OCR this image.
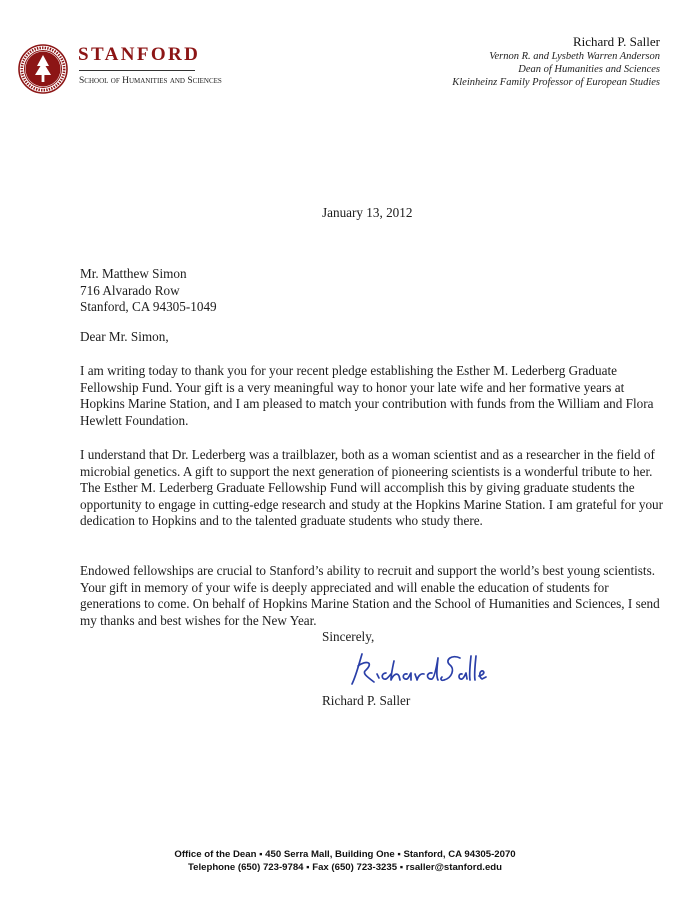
STANFORD
School of Humanities and Sciences
Richard P. Saller
Vernon R. and Lysbeth Warren Anderson
Dean of Humanities and Sciences
Kleinheinz Family Professor of European Studies
January 13, 2012
Mr. Matthew Simon
716 Alvarado Row
Stanford, CA 94305-1049
Dear Mr. Simon,

I am writing today to thank you for your recent pledge establishing the Esther M. Lederberg Graduate Fellowship Fund. Your gift is a very meaningful way to honor your late wife and her formative years at Hopkins Marine Station, and I am pleased to match your contribution with funds from the William and Flora Hewlett Foundation.

I understand that Dr. Lederberg was a trailblazer, both as a woman scientist and as a researcher in the field of microbial genetics. A gift to support the next generation of pioneering scientists is a wonderful tribute to her. The Esther M. Lederberg Graduate Fellowship Fund will accomplish this by giving graduate students the opportunity to engage in cutting-edge research and study at the Hopkins Marine Station. I am grateful for your dedication to Hopkins and to the talented graduate students who study there.

Endowed fellowships are crucial to Stanford’s ability to recruit and support the world’s best young scientists. Your gift in memory of your wife is deeply appreciated and will enable the education of students for generations to come. On behalf of Hopkins Marine Station and the School of Humanities and Sciences, I send my thanks and best wishes for the New Year.

Sincerely,
Richard P. Saller
Office of the Dean ▪ 450 Serra Mall, Building One ▪ Stanford, CA 94305-2070
Telephone (650) 723-9784 ▪ Fax (650) 723-3235 ▪ rsaller@stanford.edu
